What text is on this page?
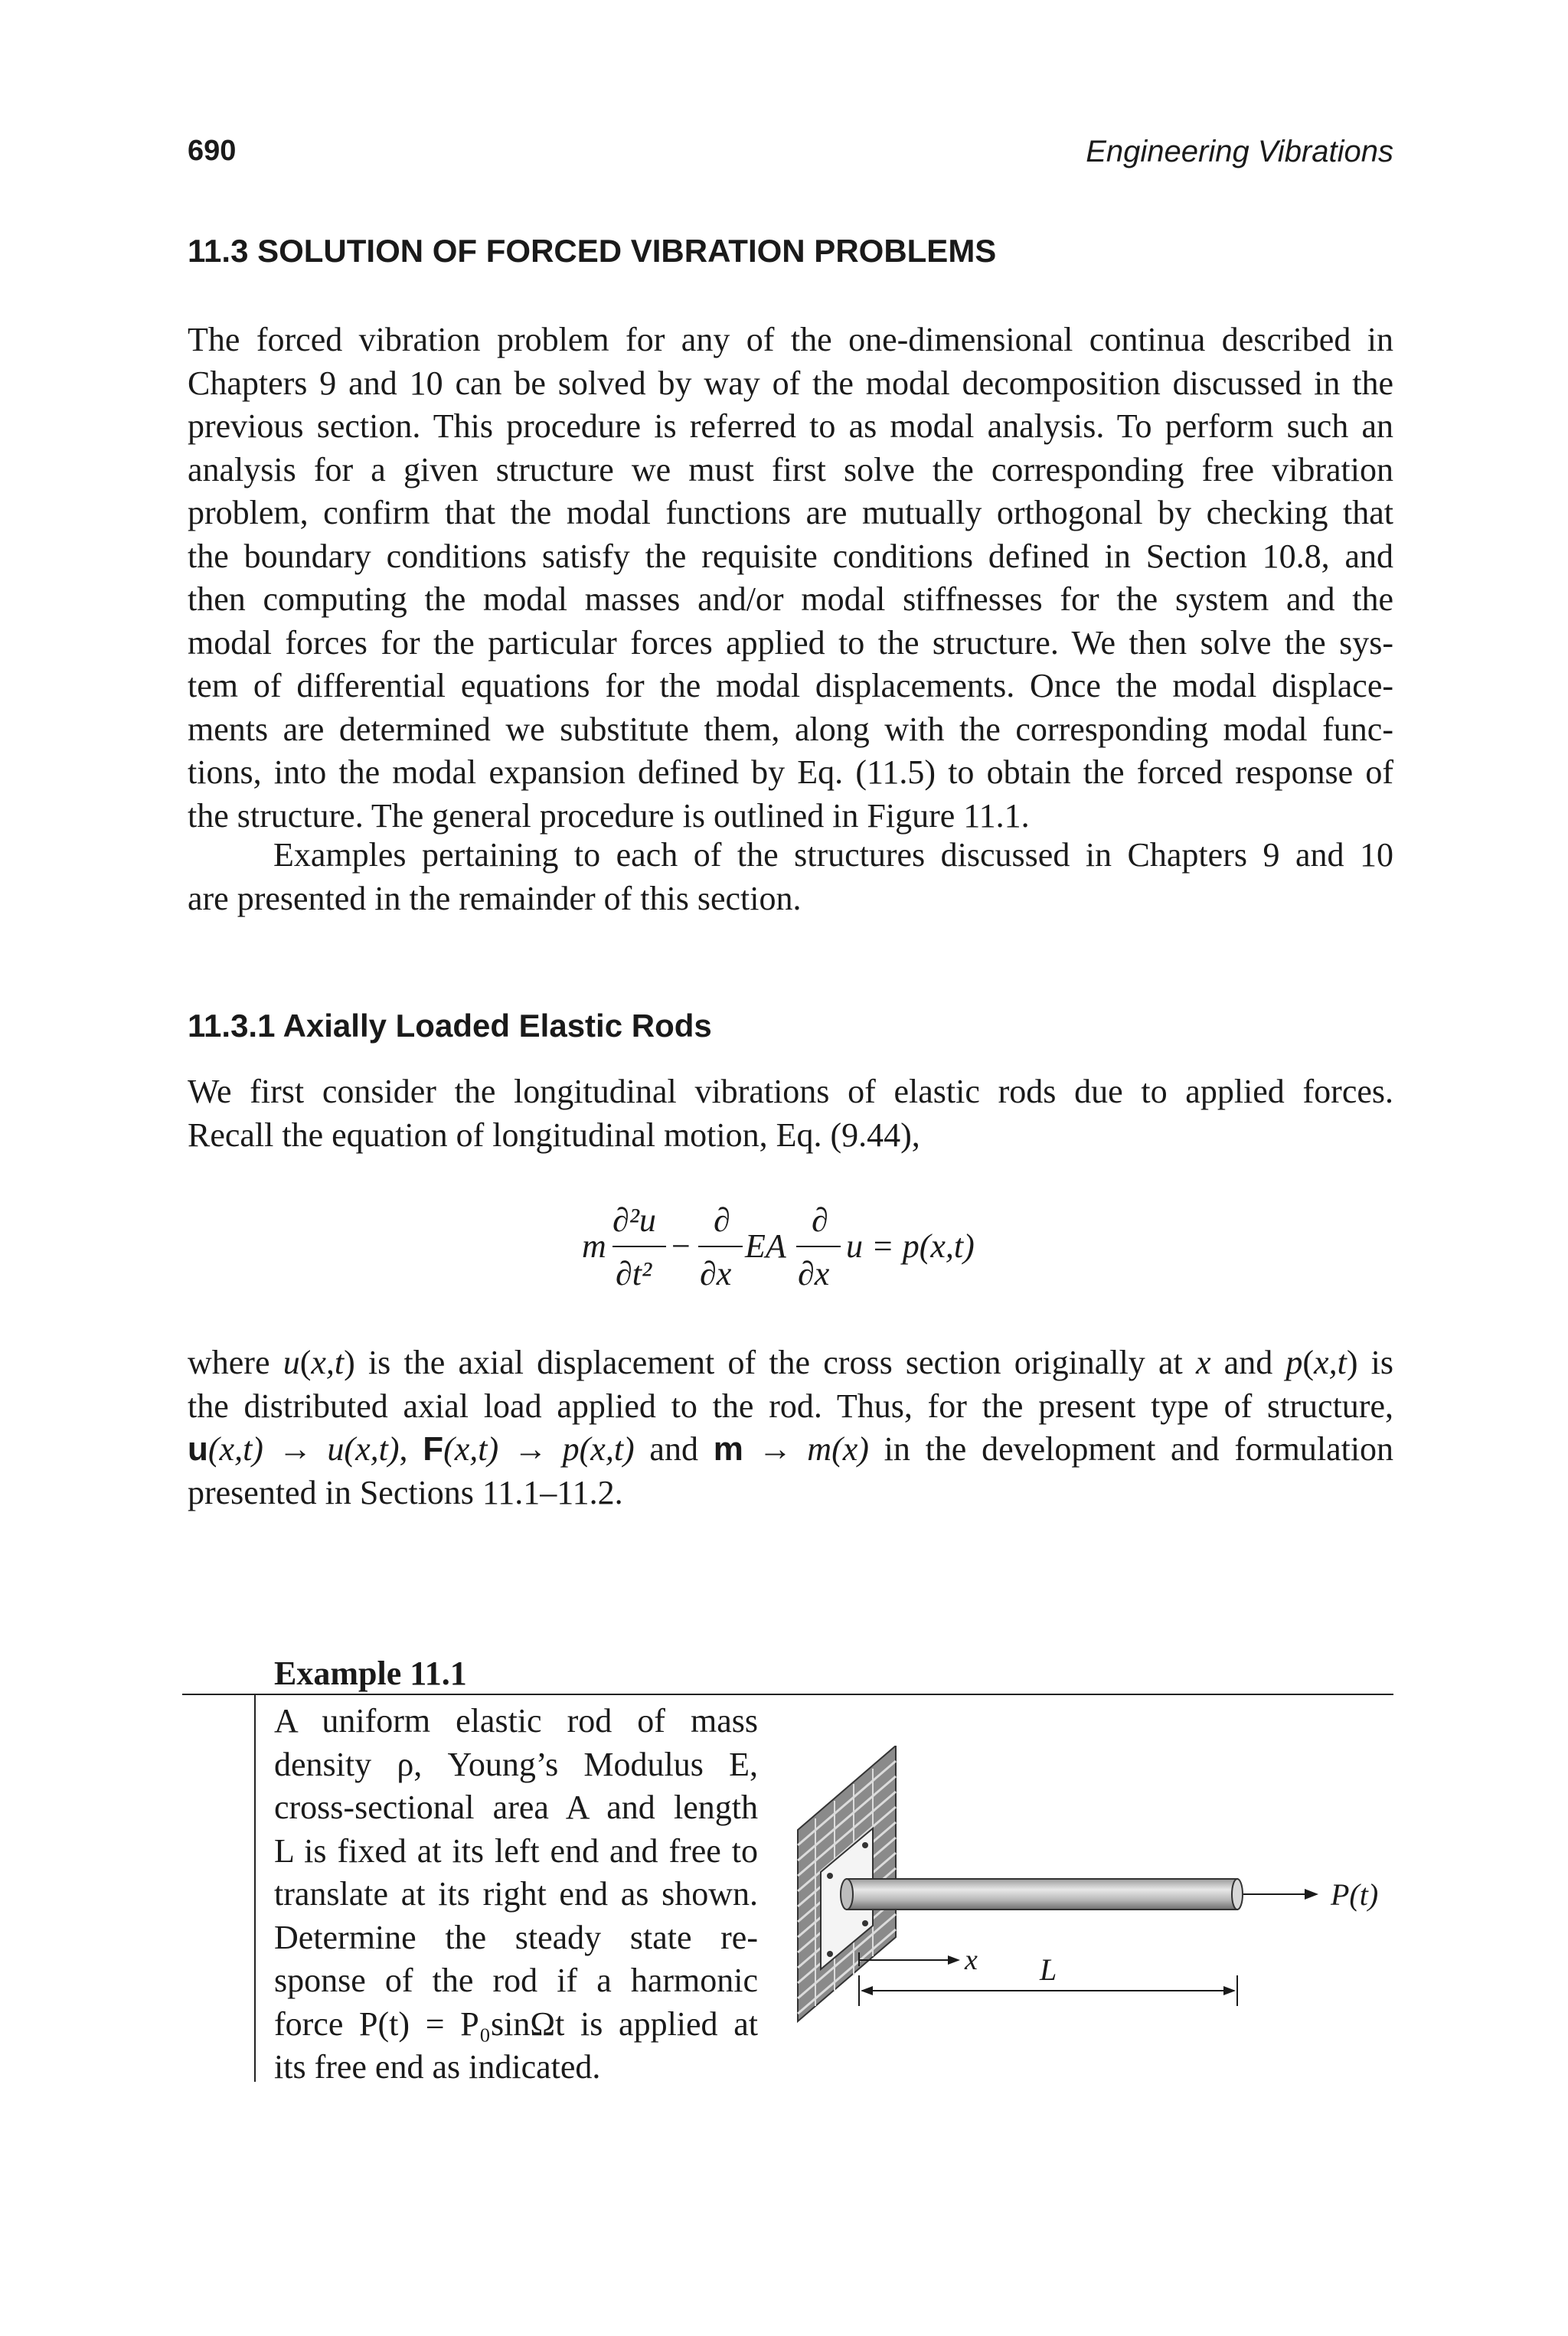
690	Engineering Vibrations
11.3 SOLUTION OF FORCED VIBRATION PROBLEMS
The forced vibration problem for any of the one-dimensional continua described in
Chapters 9 and 10 can be solved by way of the modal decomposition discussed in the
previous section. This procedure is referred to as modal analysis. To perform such an
analysis for a given structure we must first solve the corresponding free vibration
problem, confirm that the modal functions are mutually orthogonal by checking that
the boundary conditions satisfy the requisite conditions defined in Section 10.8, and
then computing the modal masses and/or modal stiffnesses for the system and the
modal forces for the particular forces applied to the structure. We then solve the sys-
tem of differential equations for the modal displacements. Once the modal displace-
ments are determined we substitute them, along with the corresponding modal func-
tions, into the modal expansion defined by Eq. (11.5) to obtain the forced response of
the structure. The general procedure is outlined in Figure 11.1.
Examples pertaining to each of the structures discussed in Chapters 9 and 10
are presented in the remainder of this section.
11.3.1 Axially Loaded Elastic Rods
We first consider the longitudinal vibrations of elastic rods due to applied forces.
Recall the equation of longitudinal motion, Eq. (9.44),
m
∂²u
∂t²
−
∂
∂x
EA
∂
∂x
u = p(x,t)
where u(x,t) is the axial displacement of the cross section originally at x and p(x,t) is
the distributed axial load applied to the rod. Thus, for the present type of structure,
u(x,t) → u(x,t), F(x,t) → p(x,t) and m → m(x) in the development and formulation
presented in Sections 11.1–11.2.
Example 11.1
A uniform elastic rod of mass
density ρ, Young’s Modulus E,
cross-sectional area A and length
L is fixed at its left end and free to
translate at its right end as shown.
Determine the steady state re-
sponse of the rod if a harmonic
force P(t) = P₀sinΩt is applied at
its free end as indicated.
P(t)
x L
